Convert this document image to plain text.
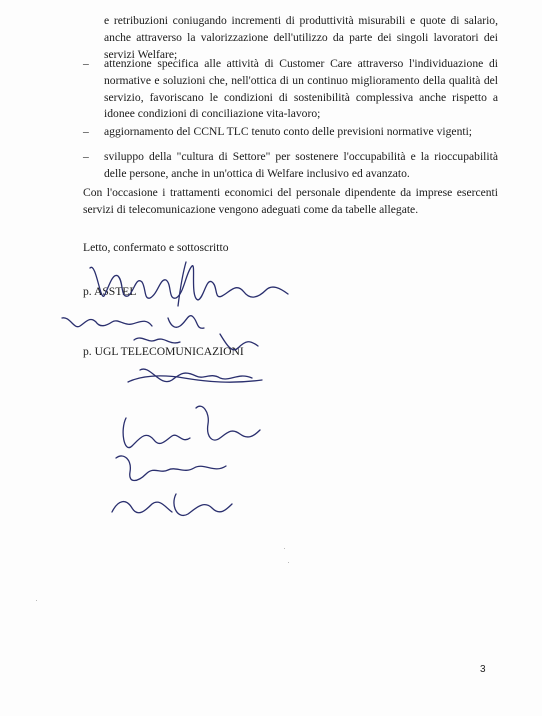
e retribuzioni coniugando incrementi di produttività misurabili e quote di salario, anche attraverso la valorizzazione dell'utilizzo da parte dei singoli lavoratori dei servizi Welfare;
– attenzione specifica alle attività di Customer Care attraverso l'individuazione di normative e soluzioni che, nell'ottica di un continuo miglioramento della qualità del servizio, favoriscano le condizioni di sostenibilità complessiva anche rispetto a idonee condizioni di conciliazione vita-lavoro;
– aggiornamento del CCNL TLC tenuto conto delle previsioni normative vigenti;
– sviluppo della "cultura di Settore" per sostenere l'occupabilità e la rioccupabilità delle persone, anche in un'ottica di Welfare inclusivo ed avanzato.
Con l'occasione i trattamenti economici del personale dipendente da imprese esercenti servizi di telecomunicazione vengono adeguati come da tabelle allegate.
Letto, confermato e sottoscritto
p. ASSTEL
p. UGL TELECOMUNICAZIONI
3
